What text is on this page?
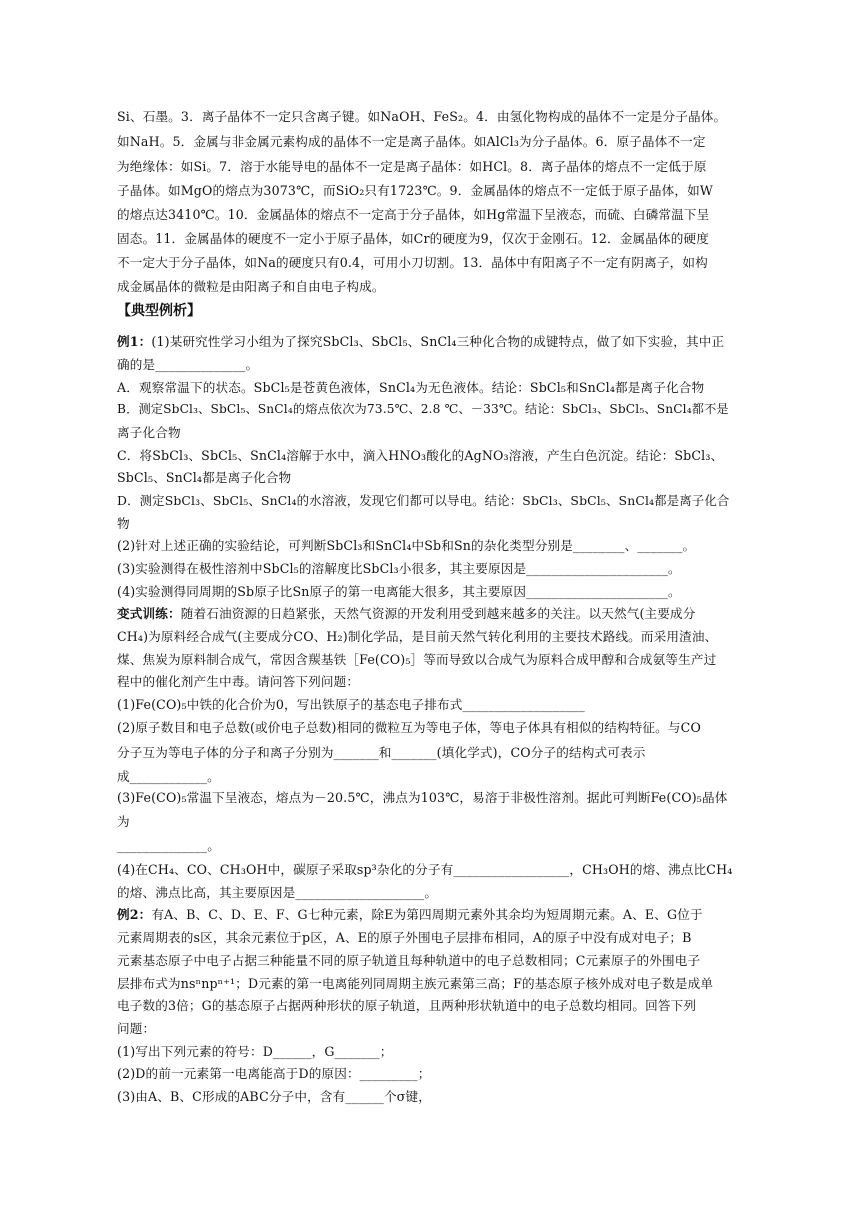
Si、石墨。3．离子晶体不一定只含离子键。如NaOH、FeS₂。4．由氢化物构成的晶体不一定是分子晶体。
如NaH。5．金属与非金属元素构成的晶体不一定是离子晶体。如AlCl₃为分子晶体。6．原子晶体不一定
为绝缘体：如Si。7．溶于水能导电的晶体不一定是离子晶体：如HCl。8．离子晶体的熔点不一定低于原
子晶体。如MgO的熔点为3073℃，而SiO₂只有1723℃。9．金属晶体的熔点不一定低于原子晶体，如W
的熔点达3410℃。10．金属晶体的熔点不一定高于分子晶体，如Hg常温下呈液态，而硫、白磷常温下呈
固态。11．金属晶体的硬度不一定小于原子晶体，如Cr的硬度为9，仅次于金刚石。12．金属晶体的硬度
不一定大于分子晶体，如Na的硬度只有0.4，可用小刀切割。13．晶体中有阳离子不一定有阴离子，如构
成金属晶体的微粒是由阳离子和自由电子构成。
【典型例析】
例1：(1)某研究性学习小组为了探究SbCl₃、SbCl₅、SnCl₄三种化合物的成键特点，做了如下实验，其中正
确的是______________。
A．观察常温下的状态。SbCl₅是苍黄色液体，SnCl₄为无色液体。结论：SbCl₅和SnCl₄都是离子化合物
B．测定SbCl₃、SbCl₅、SnCl₄的熔点依次为73.5℃、2.8 ℃、－33℃。结论：SbCl₃、SbCl₅、SnCl₄都不是
离子化合物
C．将SbCl₃、SbCl₅、SnCl₄溶解于水中，滴入HNO₃酸化的AgNO₃溶液，产生白色沉淀。结论：SbCl₃、
SbCl₅、SnCl₄都是离子化合物
D．测定SbCl₃、SbCl₅、SnCl₄的水溶液，发现它们都可以导电。结论：SbCl₃、SbCl₅、SnCl₄都是离子化合
物
(2)针对上述正确的实验结论，可判断SbCl₃和SnCl₄中Sb和Sn的杂化类型分别是________、_______。
(3)实验测得在极性溶剂中SbCl₅的溶解度比SbCl₃小很多，其主要原因是______________________。
(4)实验测得同周期的Sb原子比Sn原子的第一电离能大很多，其主要原因______________________。
变式训练：随着石油资源的日趋紧张，天然气资源的开发利用受到越来越多的关注。以天然气(主要成分
CH₄)为原料经合成气(主要成分CO、H₂)制化学品，是目前天然气转化利用的主要技术路线。而采用渣油、
煤、焦炭为原料制合成气，常因含羰基铁［Fe(CO)₅］等而导致以合成气为原料合成甲醇和合成氨等生产过
程中的催化剂产生中毒。请问答下列问题：
(1)Fe(CO)₅中铁的化合价为0，写出铁原子的基态电子排布式___________________
(2)原子数目和电子总数(或价电子总数)相同的微粒互为等电子体，等电子体具有相似的结构特征。与CO
分子互为等电子体的分子和离子分别为_______和_______(填化学式)，CO分子的结构式可表示
成____________。
(3)Fe(CO)₅常温下呈液态，熔点为－20.5℃，沸点为103℃，易溶于非极性溶剂。据此可判断Fe(CO)₅晶体
为
______________。
(4)在CH₄、CO、CH₃OH中，碳原子采取sp³杂化的分子有__________________，CH₃OH的熔、沸点比CH₄
的熔、沸点比高，其主要原因是____________________。
例2：有A、B、C、D、E、F、G七种元素，除E为第四周期元素外其余均为短周期元素。A、E、G位于
元素周期表的s区，其余元素位于p区，A、E的原子外围电子层排布相同，A的原子中没有成对电子；B
元素基态原子中电子占据三种能量不同的原子轨道且每种轨道中的电子总数相同；C元素原子的外围电子
层排布式为nsⁿnpⁿ⁺¹；D元素的第一电离能列同周期主族元素第三高；F的基态原子核外成对电子数是成单
电子数的3倍；G的基态原子占据两种形状的原子轨道，且两种形状轨道中的电子总数均相同。回答下列
问题：
(1)写出下列元素的符号：D______，G_______；
(2)D的前一元素第一电离能高于D的原因：_________；
(3)由A、B、C形成的ABC分子中，含有______个σ键，
